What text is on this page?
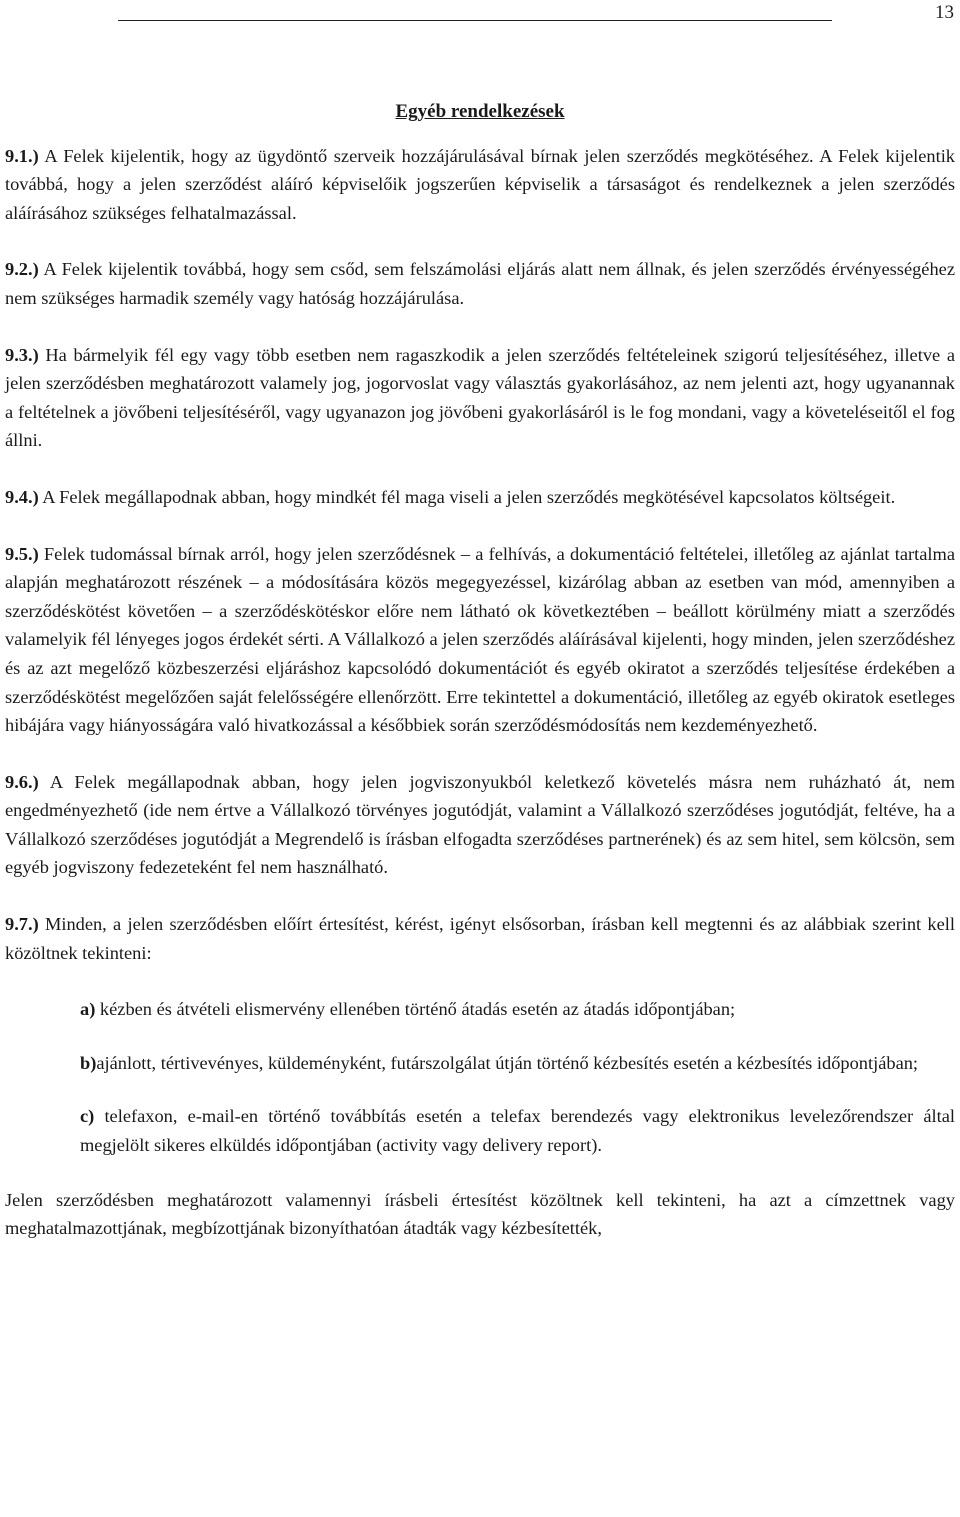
13
Egyéb rendelkezések

9.1.) A Felek kijelentik, hogy az ügydöntő szerveik hozzájárulásával bírnak jelen szerződés megkötéséhez. A Felek kijelentik továbbá, hogy a jelen szerződést aláíró képviselőik jogszerűen képviselik a társaságot és rendelkeznek a jelen szerződés aláírásához szükséges felhatalmazással.

9.2.) A Felek kijelentik továbbá, hogy sem csőd, sem felszámolási eljárás alatt nem állnak, és jelen szerződés érvényességéhez nem szükséges harmadik személy vagy hatóság hozzájárulása.

9.3.) Ha bármelyik fél egy vagy több esetben nem ragaszkodik a jelen szerződés feltételeinek szigorú teljesítéséhez, illetve a jelen szerződésben meghatározott valamely jog, jogorvoslat vagy választás gyakorlásához, az nem jelenti azt, hogy ugyanannak a feltételnek a jövőbeni teljesítéséről, vagy ugyanazon jog jövőbeni gyakorlásáról is le fog mondani, vagy a követeléseitől el fog állni.

9.4.) A Felek megállapodnak abban, hogy mindkét fél maga viseli a jelen szerződés megkötésével kapcsolatos költségeit.

9.5.) Felek tudomással bírnak arról, hogy jelen szerződésnek – a felhívás, a dokumentáció feltételei, illetőleg az ajánlat tartalma alapján meghatározott részének – a módosítására közös megegyezéssel, kizárólag abban az esetben van mód, amennyiben a szerződéskötést követően – a szerződéskötéskor előre nem látható ok következtében – beállott körülmény miatt a szerződés valamelyik fél lényeges jogos érdekét sérti. A Vállalkozó a jelen szerződés aláírásával kijelenti, hogy minden, jelen szerződéshez és az azt megelőző közbeszerzési eljáráshoz kapcsolódó dokumentációt és egyéb okiratot a szerződés teljesítése érdekében a szerződéskötést megelőzően saját felelősségére ellenőrzött. Erre tekintettel a dokumentáció, illetőleg az egyéb okiratok esetleges hibájára vagy hiányosságára való hivatkozással a későbbiek során szerződésmódosítás nem kezdeményezhető.

9.6.) A Felek megállapodnak abban, hogy jelen jogviszonyukból keletkező követelés másra nem ruházható át, nem engedményezhető (ide nem értve a Vállalkozó törvényes jogutódját, valamint a Vállalkozó szerződéses jogutódját, feltéve, ha a Vállalkozó szerződéses jogutódját a Megrendelő is írásban elfogadta szerződéses partnerének) és az sem hitel, sem kölcsön, sem egyéb jogviszony fedezeteként fel nem használható.

9.7.) Minden, a jelen szerződésben előírt értesítést, kérést, igényt elsősorban, írásban kell megtenni és az alábbiak szerint kell közöltnek tekinteni:

a) kézben és átvételi elismervény ellenében történő átadás esetén az átadás időpontjában;

b)ajánlott, tértivevényes, küldeményként, futárszolgálat útján történő kézbesítés esetén a kézbesítés időpontjában;

c) telefaxon, e-mail-en történő továbbítás esetén a telefax berendezés vagy elektronikus levelezőrendszer által megjelölt sikeres elküldés időpontjában (activity vagy delivery report).

Jelen szerződésben meghatározott valamennyi írásbeli értesítést közöltnek kell tekinteni, ha azt a címzettnek vagy meghatalmazottjának, megbízottjának bizonyíthatóan átadták vagy kézbesítették,
